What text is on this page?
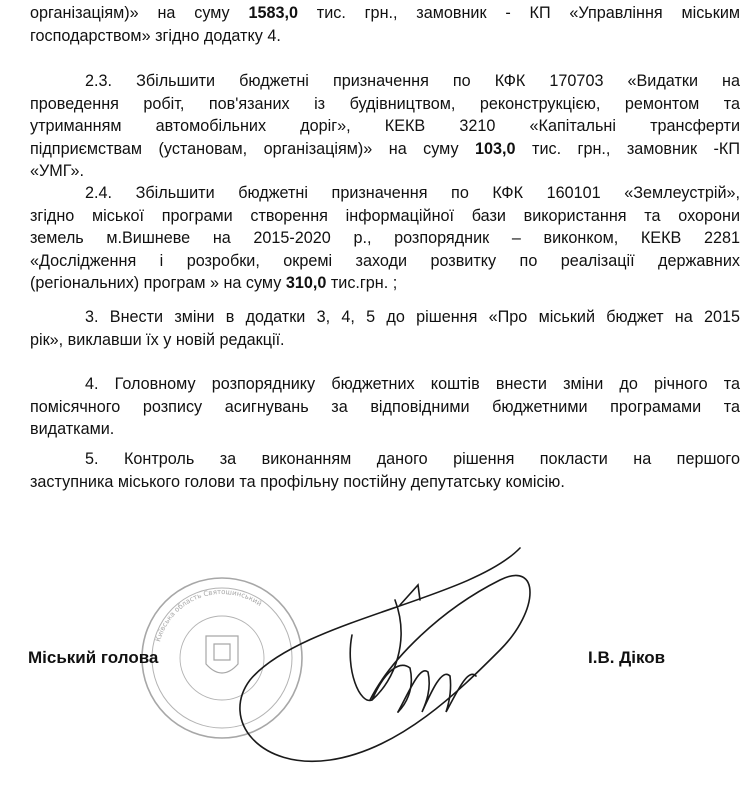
організаціям)» на суму 1583,0 тис. грн., замовник - КП «Управління міським
господарством» згідно додатку 4.

2.3. Збільшити бюджетні призначення по КФК 170703 «Видатки на
проведення робіт, пов'язаних із будівництвом, реконструкцією, ремонтом та
утриманням автомобільних доріг», КЕКВ 3210 «Капітальні трансферти
підприємствам (установам, організаціям)» на суму 103,0 тис. грн., замовник -КП
«УМГ».

2.4. Збільшити бюджетні призначення по КФК 160101 «Землеустрій»,
згідно міської програми створення інформаційної бази використання та охорони
земель м.Вишневе на 2015-2020 р., розпорядник – виконком, КЕКВ 2281
«Дослідження і розробки, окремі заходи розвитку по реалізації державних
(регіональних) програм » на суму 310,0 тис.грн. ;

3. Внести зміни в додатки 3, 4, 5 до рішення «Про міський бюджет на 2015
рік», виклавши їх у новій редакції.

4. Головному розпоряднику бюджетних коштів внести зміни до річного та
помісячного розпису асигнувань за відповідними бюджетними програмами та
видатками.

5. Контроль за виконанням даного рішення покласти на першого
заступника міського голови та профільну постійну депутатську комісію.

Київська область Святошинський
Міський голова	І.В. Діков
